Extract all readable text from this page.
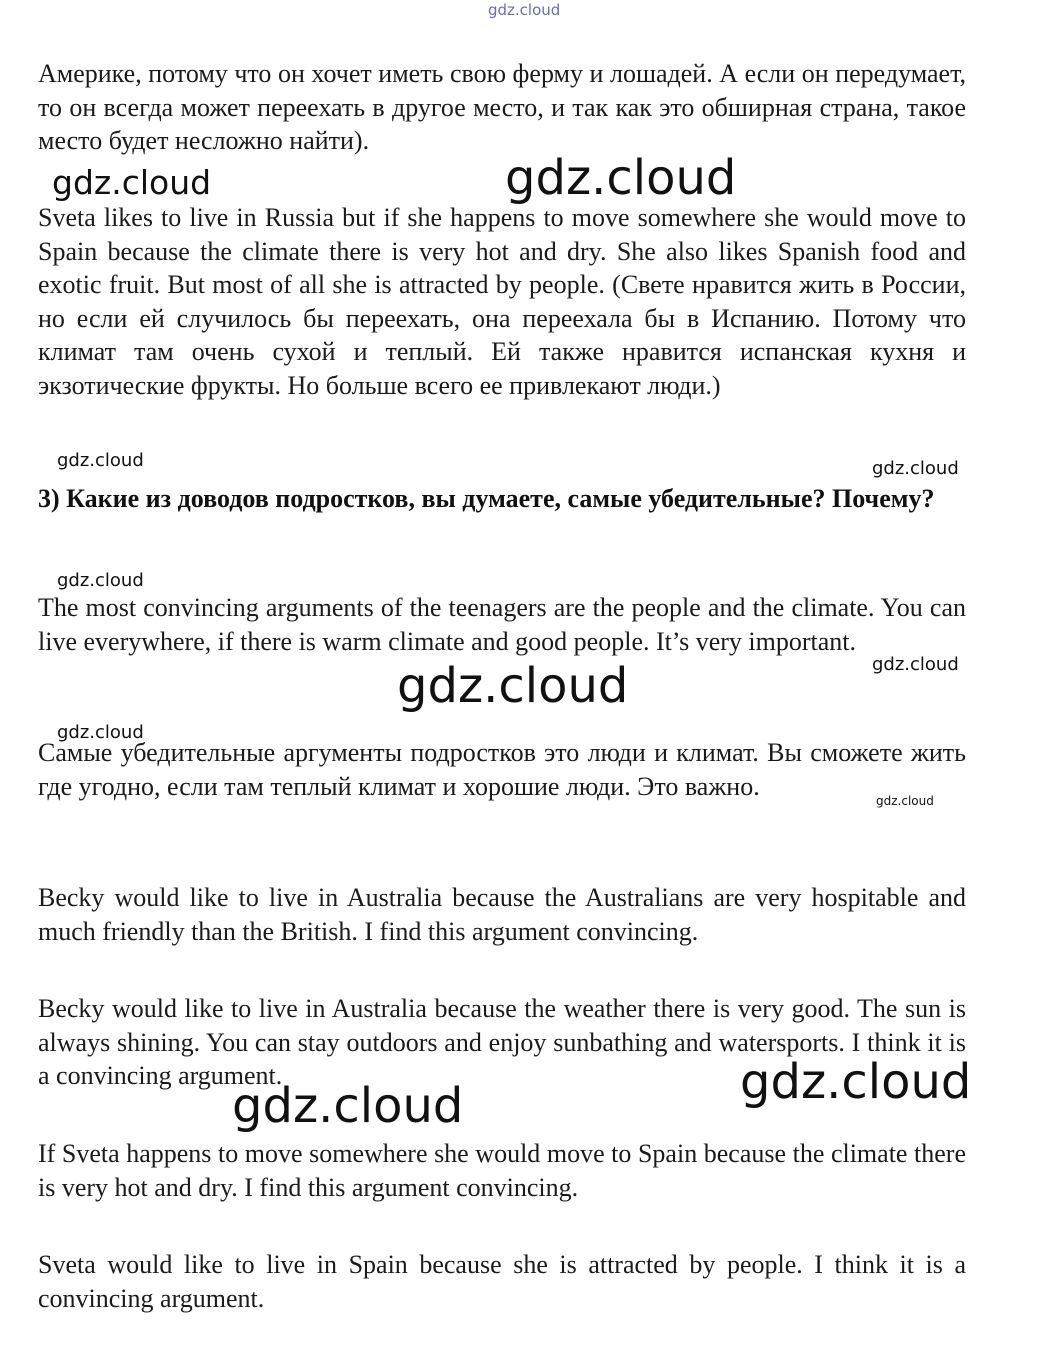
gdz.cloud

Америке, потому что он хочет иметь свою ферму и лошадей. А если он передумает, то он всегда может переехать в другое место, и так как это обширная страна, такое место будет несложно найти).

Sveta likes to live in Russia but if she happens to move somewhere she would move to Spain because the climate there is very hot and dry. She also likes Spanish food and exotic fruit. But most of all she is attracted by people. (Свете нравится жить в России, но если ей случилось бы переехать, она переехала бы в Испанию. Потому что климат там очень сухой и теплый. Ей также нравится испанская кухня и экзотические фрукты. Но больше всего ее привлекают люди.)

3) Какие из доводов подростков, вы думаете, самые убедительные? Почему?

The most convincing arguments of the teenagers are the people and the climate. You can live everywhere, if there is warm climate and good people. It’s very important.

Самые убедительные аргументы подростков это люди и климат. Вы сможете жить где угодно, если там теплый климат и хорошие люди. Это важно.

Becky would like to live in Australia because the Australians are very hospitable and much friendly than the British. I find this argument convincing.

Becky would like to live in Australia because the weather there is very good. The sun is always shining. You can stay outdoors and enjoy sunbathing and watersports. I think it is a convincing argument.

If Sveta happens to move somewhere she would move to Spain because the climate there is very hot and dry. I find this argument convincing.

Sveta would like to live in Spain because she is attracted by people. I think it is a convincing argument.

gdz.cloud	gdz.cloud
gdz.cloud	gdz.cloud
gdz.cloud
gdz.cloud
gdz.cloud
gdz.cloud
gdz.cloud
gdz.cloud
gdz.cloud
